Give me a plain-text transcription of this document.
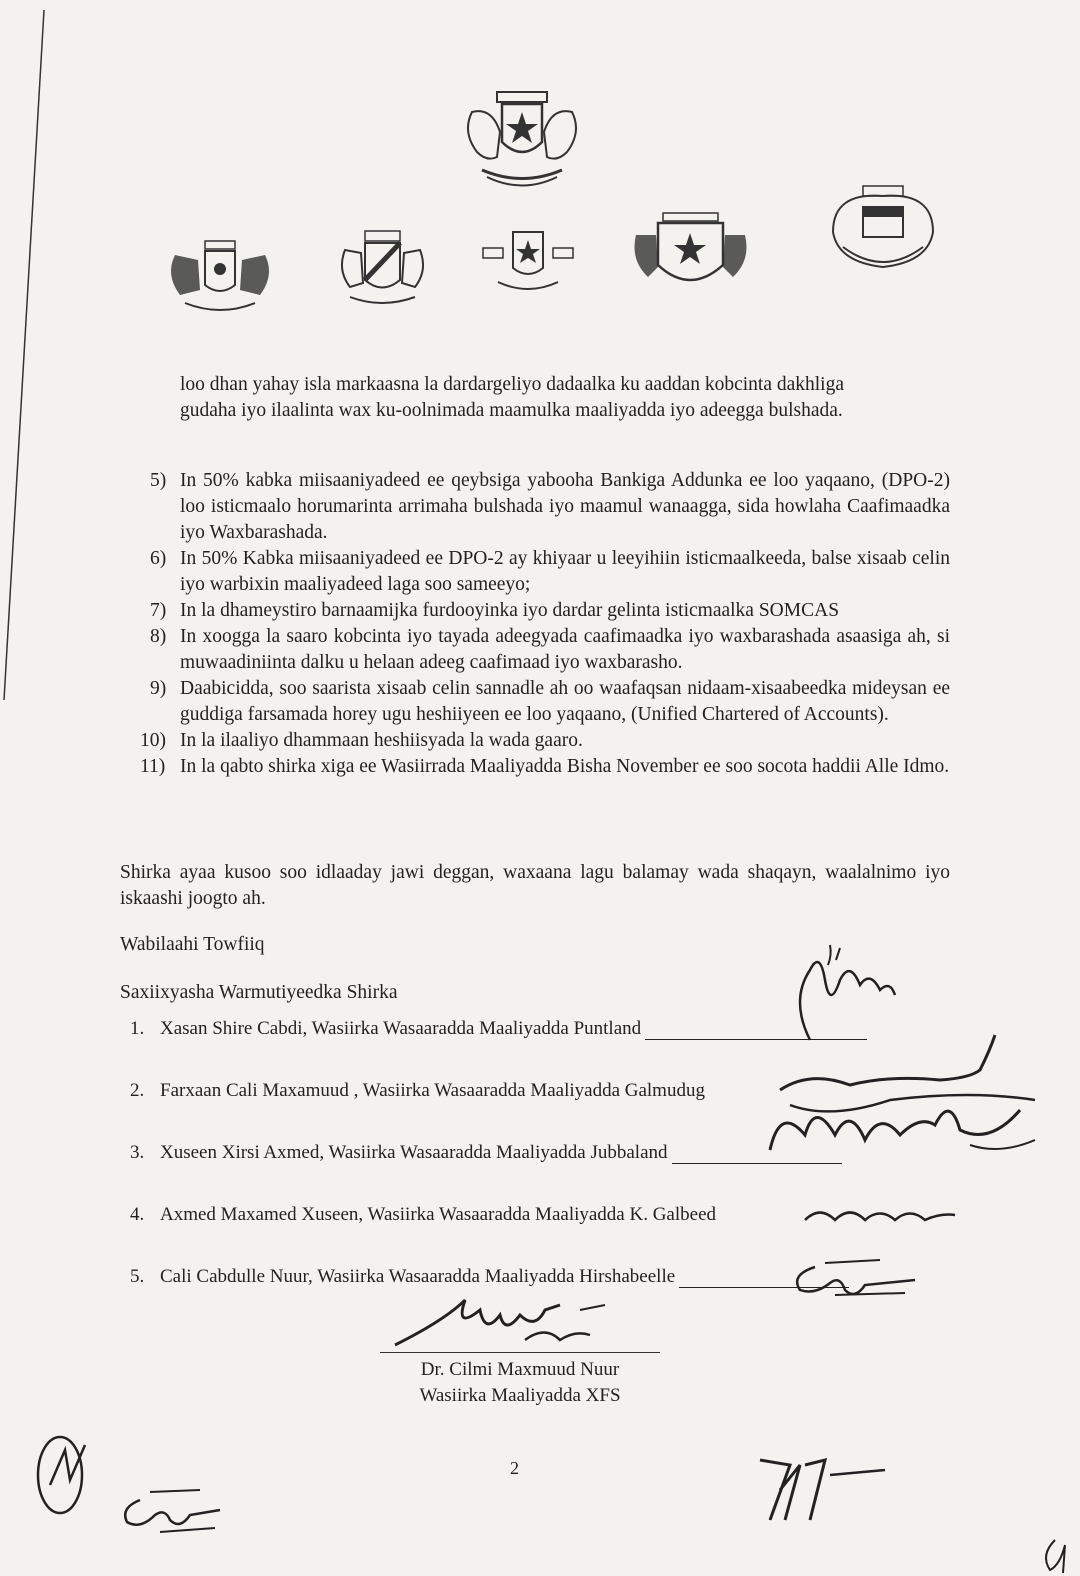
loo dhan yahay isla markaasna la dardargeliyo dadaalka ku aaddan kobcinta dakhliga

gudaha iyo ilaalinta wax ku-oolnimada maamulka maaliyadda iyo adeegga bulshada.

5) In 50% kabka miisaaniyadeed ee qeybsiga yabooha Bankiga Addunka ee loo yaqaano, (DPO-2) loo isticmaalo horumarinta arrimaha bulshada iyo maamul wanaagga, sida howlaha Caafimaadka iyo Waxbarashada.
6) In 50% Kabka miisaaniyadeed ee DPO-2 ay khiyaar u leeyihiin isticmaalkeeda, balse xisaab celin iyo warbixin maaliyadeed laga soo sameeyo;
7) In la dhameystiro barnaamijka furdooyinka iyo dardar gelinta isticmaalka SOMCAS
8) In xoogga la saaro kobcinta iyo tayada adeegyada caafimaadka iyo waxbarashada asaasiga ah, si muwaadiniinta dalku u helaan adeeg caafimaad iyo waxbarasho.
9) Daabicidda, soo saarista xisaab celin sannadle ah oo waafaqsan nidaam-xisaabeedka mideysan ee guddiga farsamada horey ugu heshiiyeen ee loo yaqaano, (Unified Chartered of Accounts).
10) In la ilaaliyo dhammaan heshiisyada la wada gaaro.
11) In la qabto shirka xiga ee Wasiirrada Maaliyadda Bisha November ee soo socota haddii Alle Idmo.

Shirka ayaa kusoo soo idlaaday jawi deggan, waxaana lagu balamay wada shaqayn, waalalnimo iyo iskaashi joogto ah.

Wabilaahi Towfiiq
Saxiixyasha Warmutiyeedka Shirka
1. Xasan Shire Cabdi, Wasiirka Wasaaradda Maaliyadda Puntland
2. Farxaan Cali Maxamuud , Wasiirka Wasaaradda Maaliyadda Galmudug
3. Xuseen Xirsi Axmed, Wasiirka Wasaaradda Maaliyadda Jubbaland
4. Axmed Maxamed Xuseen, Wasiirka Wasaaradda Maaliyadda K. Galbeed
5. Cali Cabdulle Nuur, Wasiirka Wasaaradda Maaliyadda Hirshabeelle
Dr. Cilmi Maxmuud Nuur
Wasiirka Maaliyadda XFS
2
